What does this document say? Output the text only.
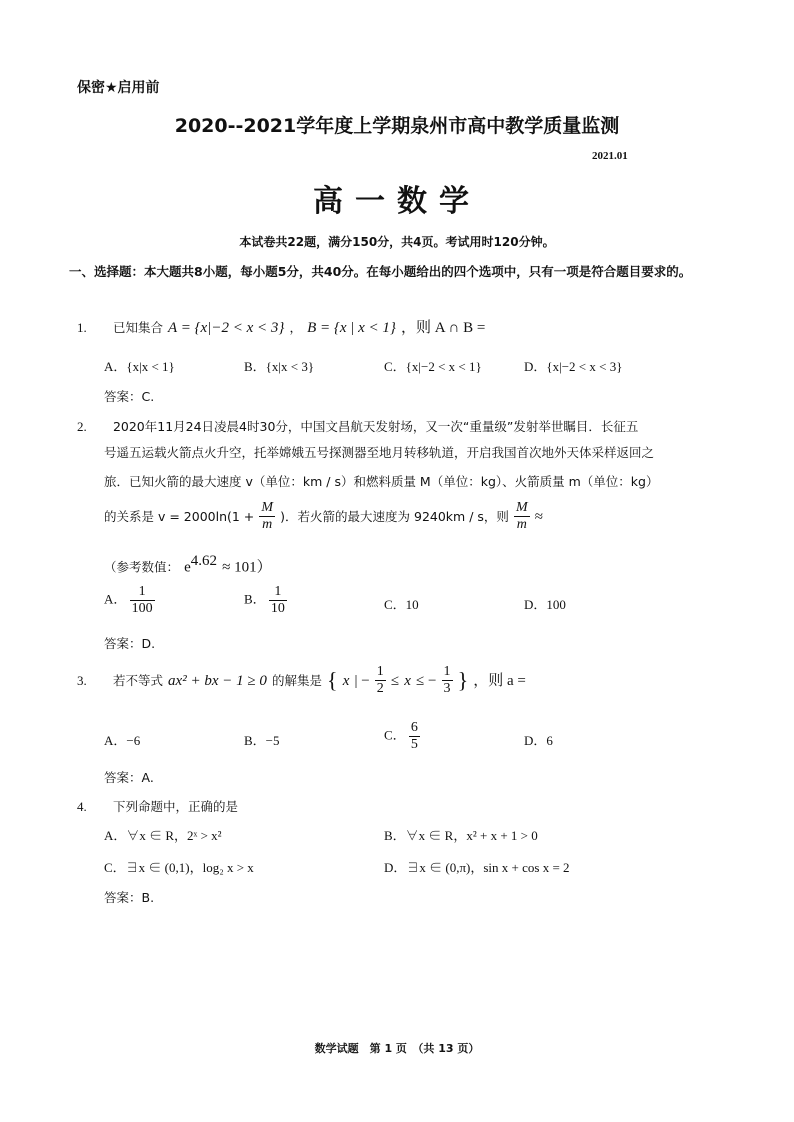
保密★启用前
2020--2021学年度上学期泉州市高中教学质量监测
2021.01
高一数学
本试卷共22题，满分150分，共4页。考试用时120分钟。
一、选择题：本大题共8小题，每小题5分，共40分。在每小题给出的四个选项中，只有一项是符合题目要求的。
1. 已知集合 A = {x|−2 < x < 3} ， B = {x | x < 1} ，则 A ∩ B =
A．{x|x < 1}	B．{x|x < 3}	C．{x|−2 < x < 1}	D．{x|−2 < x < 3}
答案：C.
2. 2020年11月24日凌晨4时30分，中国文昌航天发射场，又一次“重量级”发射举世瞩目．长征五
号遥五运载火箭点火升空，托举嫦娥五号探测器至地月转移轨道，开启我国首次地外天体采样返回之
旅．已知火箭的最大速度 v（单位：km / s）和燃料质量 M（单位：kg）、火箭质量 m（单位：kg）
的关系是 $v = 2000\ln(1 + \frac{M}{m}$ )．若火箭的最大速度为 9240km / s，则 $\frac{M}{m}$ ≈
（参考数值： $e^{4.62} \approx 101$）
A． $\frac{1}{100}$	B． $\frac{1}{10}$	C．10	D．100
答案：D.
3. 若不等式 ax² + bx − 1 ≥ 0 的解集是 { x | − $\frac{1}{2} \le x$ ≤ − $\frac{1}{3}$ } ，则 a =
A．−6	B．−5	C． $\frac{6}{5}$	D．6
答案：A.
4. 下列命题中，正确的是
A．∀x ∈ R，2ˣ > x²	B．∀x ∈ R，x² + x + 1 > 0
C．∃x ∈ (0,1)，log₂ x > x	D．∃x ∈ (0,π)，sin x + cos x = 2
答案：B.
数学试题　第 1 页　（共 13 页）
